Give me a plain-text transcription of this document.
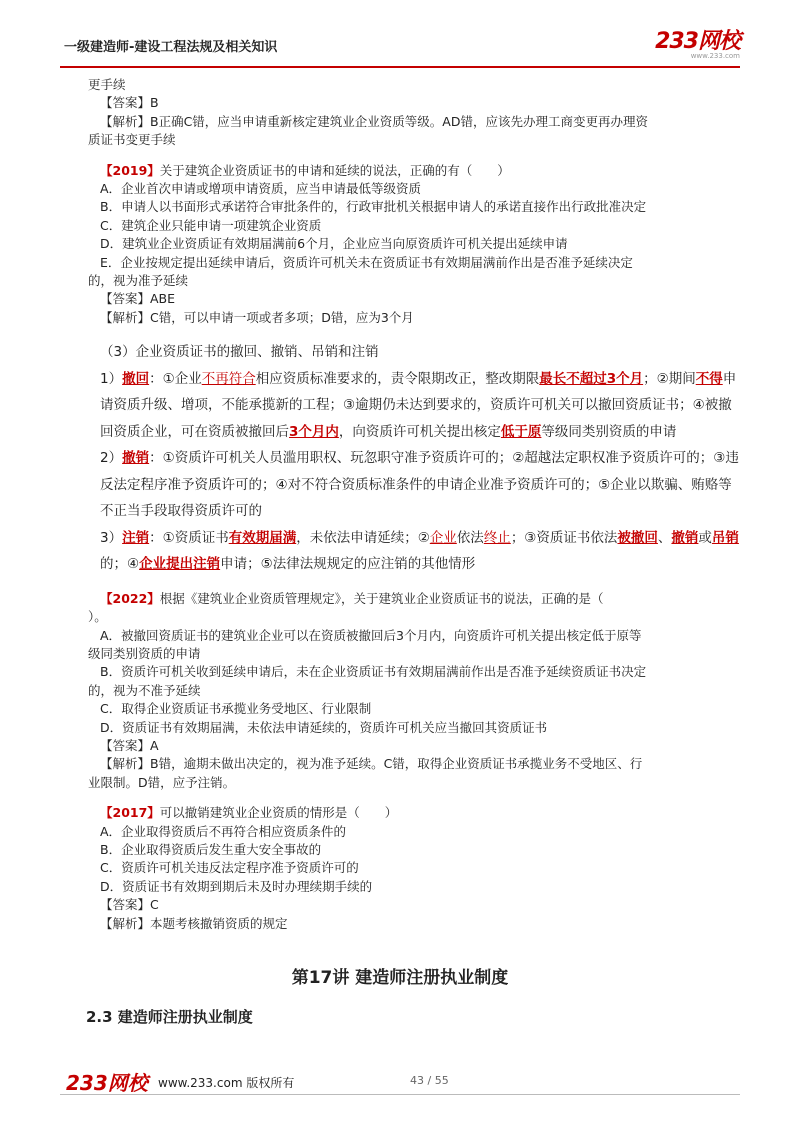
一级建造师-建设工程法规及相关知识	233网校
www.233.com

更手续

【答案】B

【解析】B正确C错，应当申请重新核定建筑业企业资质等级。AD错，应该先办理工商变更再办理资

质证书变更手续

【2019】关于建筑企业资质证书的申请和延续的说法，正确的有（　　）

A．企业首次申请或增项申请资质，应当申请最低等级资质

B．申请人以书面形式承诺符合审批条件的，行政审批机关根据申请人的承诺直接作出行政批准决定

C．建筑企业只能申请一项建筑企业资质

D．建筑业企业资质证有效期届满前6个月，企业应当向原资质许可机关提出延续申请

E．企业按规定提出延续申请后，资质许可机关未在资质证书有效期届满前作出是否准予延续决定

的，视为准予延续

【答案】ABE

【解析】C错，可以申请一项或者多项；D错，应为3个月

（3）企业资质证书的撤回、撤销、吊销和注销

1）撤回：①企业不再符合相应资质标准要求的，责令限期改正，整改期限最长不超过3个月；②期间不得申请资质升级、增项，不能承揽新的工程；③逾期仍未达到要求的，资质许可机关可以撤回资质证书；④被撤回资质企业，可在资质被撤回后3个月内，向资质许可机关提出核定低于原等级同类别资质的申请

2）撤销：①资质许可机关人员滥用职权、玩忽职守准予资质许可的；②超越法定职权准予资质许可的；③违反法定程序准予资质许可的；④对不符合资质标准条件的申请企业准予资质许可的；⑤企业以欺骗、贿赂等不正当手段取得资质许可的

3）注销：①资质证书有效期届满，未依法申请延续；②企业依法终止；③资质证书依法被撤回、撤销或吊销的；④企业提出注销申请；⑤法律法规规定的应注销的其他情形

【2022】根据《建筑业企业资质管理规定》，关于建筑业企业资质证书的说法，正确的是（

）。

A．被撤回资质证书的建筑业企业可以在资质被撤回后3个月内，向资质许可机关提出核定低于原等

级同类别资质的申请

B．资质许可机关收到延续申请后，未在企业资质证书有效期届满前作出是否准予延续资质证书决定

的，视为不准予延续

C．取得企业资质证书承揽业务受地区、行业限制

D．资质证书有效期届满，未依法申请延续的，资质许可机关应当撤回其资质证书

【答案】A

【解析】B错，逾期未做出决定的，视为准予延续。C错，取得企业资质证书承揽业务不受地区、行

业限制。D错，应予注销。

【2017】可以撤销建筑业企业资质的情形是（　　）

A．企业取得资质后不再符合相应资质条件的

B．企业取得资质后发生重大安全事故的

C．资质许可机关违反法定程序准予资质许可的

D．资质证书有效期到期后未及时办理续期手续的

【答案】C

【解析】本题考核撤销资质的规定

第17讲 建造师注册执业制度
2.3 建造师注册执业制度
233网校 www.233.com 版权所有	43 / 55
